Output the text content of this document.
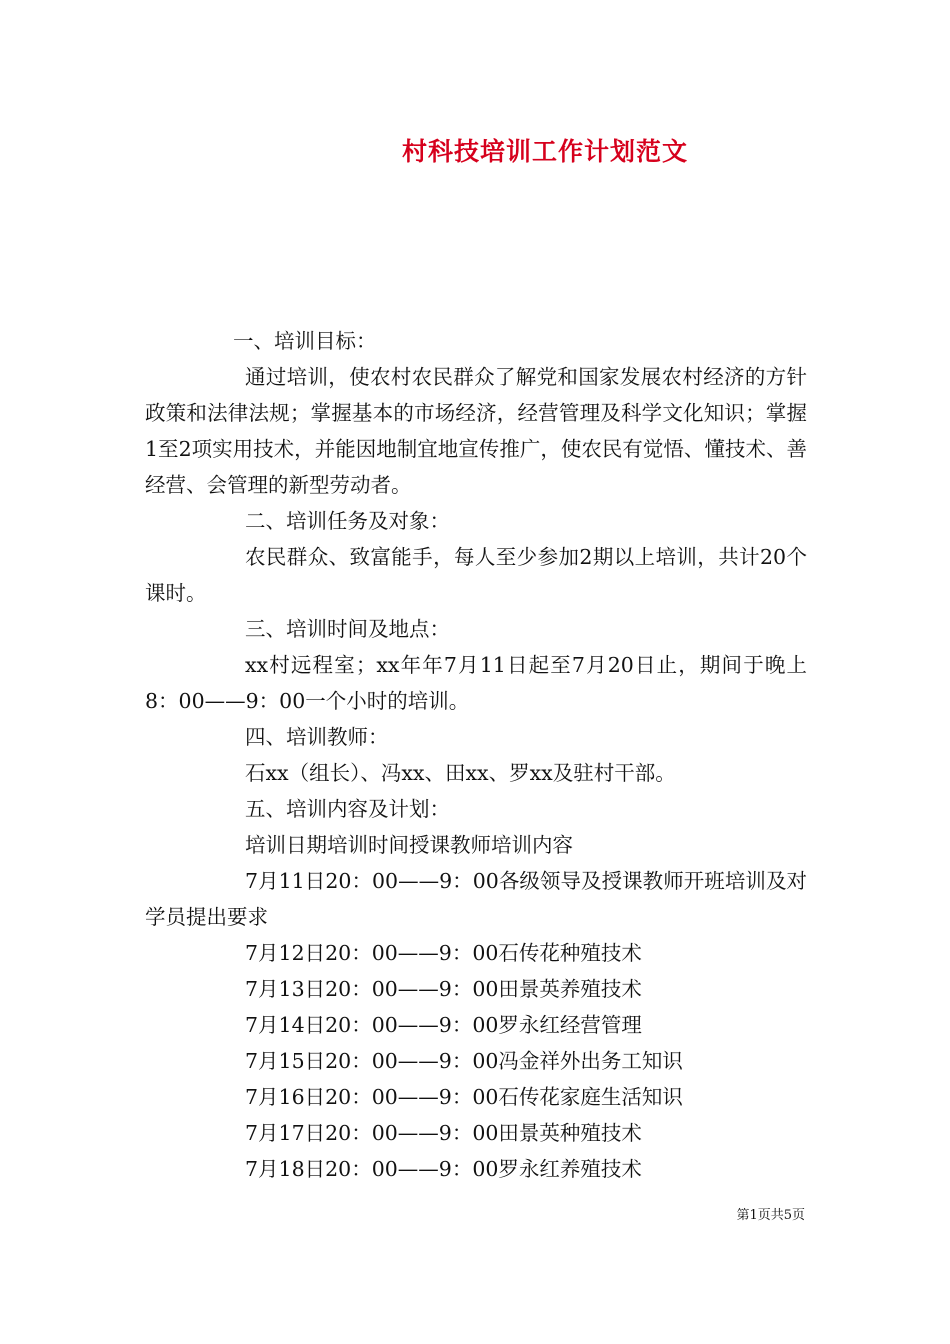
村科技培训工作计划范文

一、培训目标：

通过培训，使农村农民群众了解党和国家发展农村经济的方针政策和法律法规；掌握基本的市场经济，经营管理及科学文化知识；掌握1至2项实用技术，并能因地制宜地宣传推广，使农民有觉悟、懂技术、善经营、会管理的新型劳动者。

二、培训任务及对象：

农民群众、致富能手，每人至少参加2期以上培训，共计20个课时。

三、培训时间及地点：

xx村远程室；xx年年7月11日起至7月20日止，期间于晚上8：00——9：00一个小时的培训。

四、培训教师：

石xx（组长）、冯xx、田xx、罗xx及驻村干部。

五、培训内容及计划：

培训日期培训时间授课教师培训内容

7月11日20：00——9：00各级领导及授课教师开班培训及对学员提出要求

7月12日20：00——9：00石传花种殖技术

7月13日20：00——9：00田景英养殖技术

7月14日20：00——9：00罗永红经营管理

7月15日20：00——9：00冯金祥外出务工知识

7月16日20：00——9：00石传花家庭生活知识

7月17日20：00——9：00田景英种殖技术

7月18日20：00——9：00罗永红养殖技术

第1页共5页
